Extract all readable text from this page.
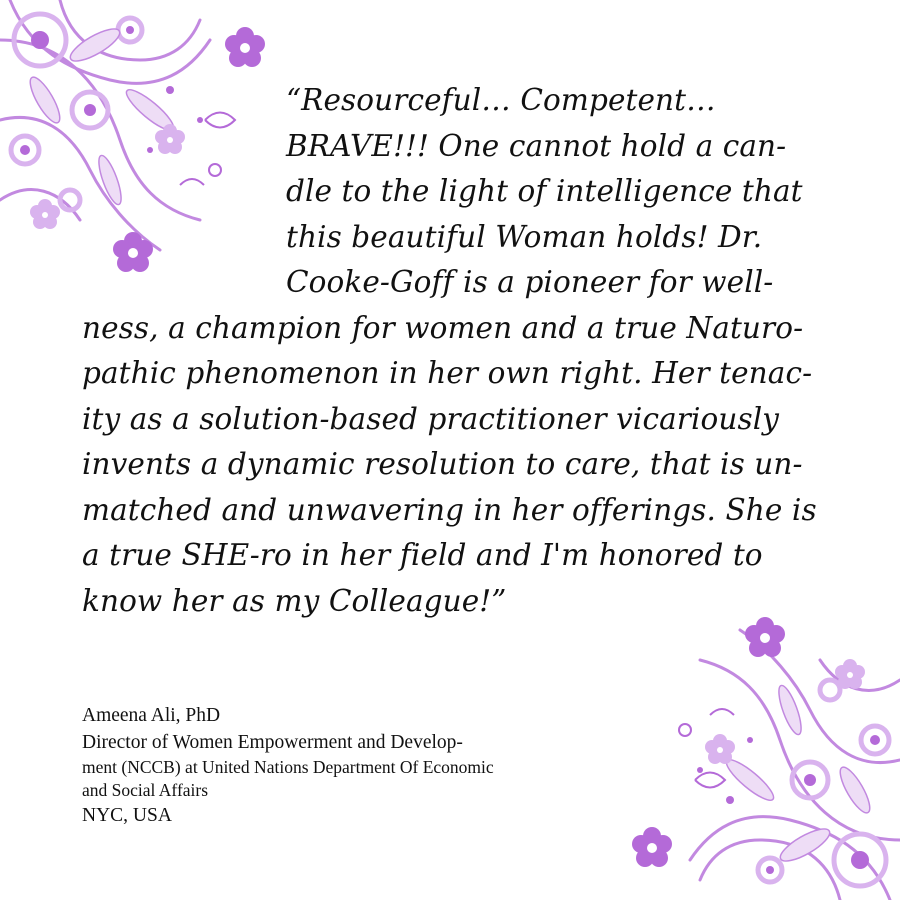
“Resourceful… Competent…
BRAVE!!! One cannot hold a can-
dle to the light of intelligence that
this beautiful Woman holds! Dr.
Cooke-Goff is a pioneer for well-
ness, a champion for women and a true Naturo-
pathic phenomenon in her own right. Her tenac-
ity as a solution-based practitioner vicariously
invents a dynamic resolution to care, that is un-
matched and unwavering in her offerings. She is
a true SHE-ro in her field and I'm honored to
know her as my Colleague!”
Ameena Ali, PhD
Director of Women Empowerment and Develop-
ment (NCCB) at United Nations Department Of Economic
and Social Affairs
NYC, USA
